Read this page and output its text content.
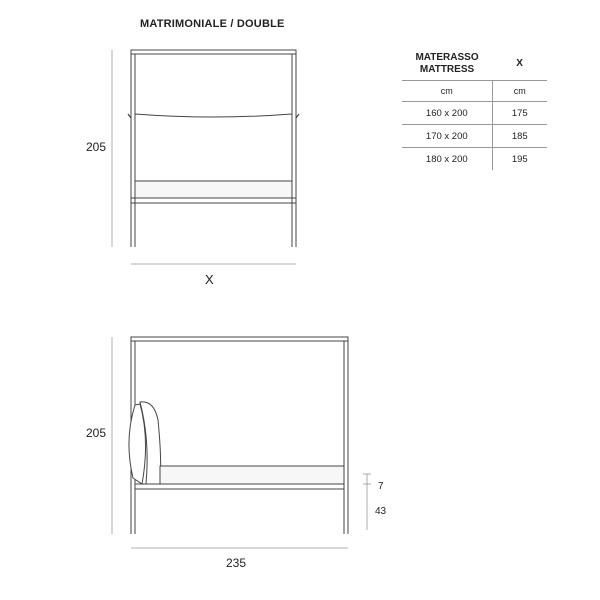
MATRIMONIALE / DOUBLE
205
X
205
235
7
43
MATERASSO
MATTRESS	X
cm	cm
160 x 200	175
170 x 200	185
180 x 200	195
